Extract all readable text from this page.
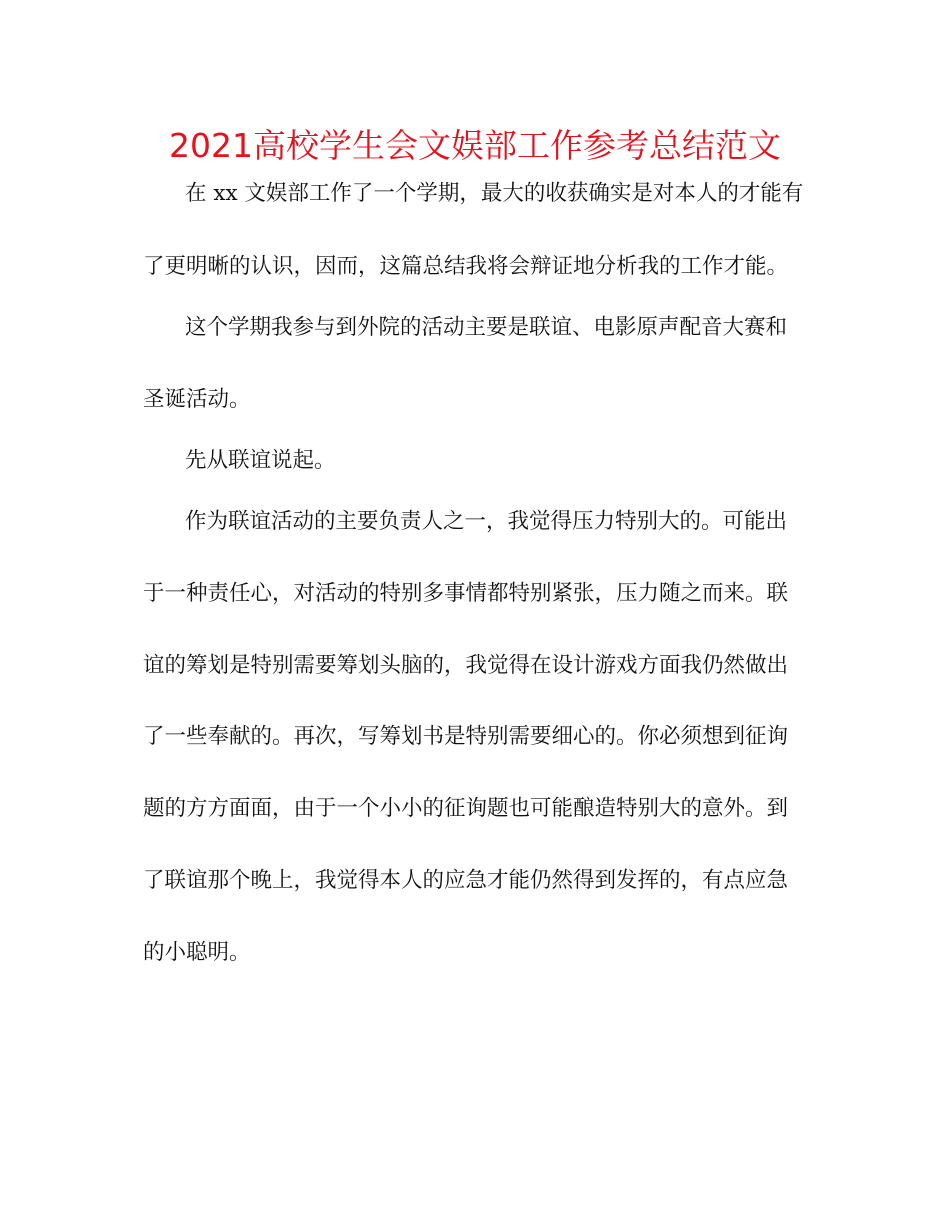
2021高校学生会文娱部工作参考总结范文

在 xx 文娱部工作了一个学期，最大的收获确实是对本人的才能有

了更明晰的认识，因而，这篇总结我将会辩证地分析我的工作才能。

这个学期我参与到外院的活动主要是联谊、电影原声配音大赛和

圣诞活动。

先从联谊说起。

作为联谊活动的主要负责人之一，我觉得压力特别大的。可能出

于一种责任心，对活动的特别多事情都特别紧张，压力随之而来。联

谊的筹划是特别需要筹划头脑的，我觉得在设计游戏方面我仍然做出

了一些奉献的。再次，写筹划书是特别需要细心的。你必须想到征询

题的方方面面，由于一个小小的征询题也可能酿造特别大的意外。到

了联谊那个晚上，我觉得本人的应急才能仍然得到发挥的，有点应急

的小聪明。
